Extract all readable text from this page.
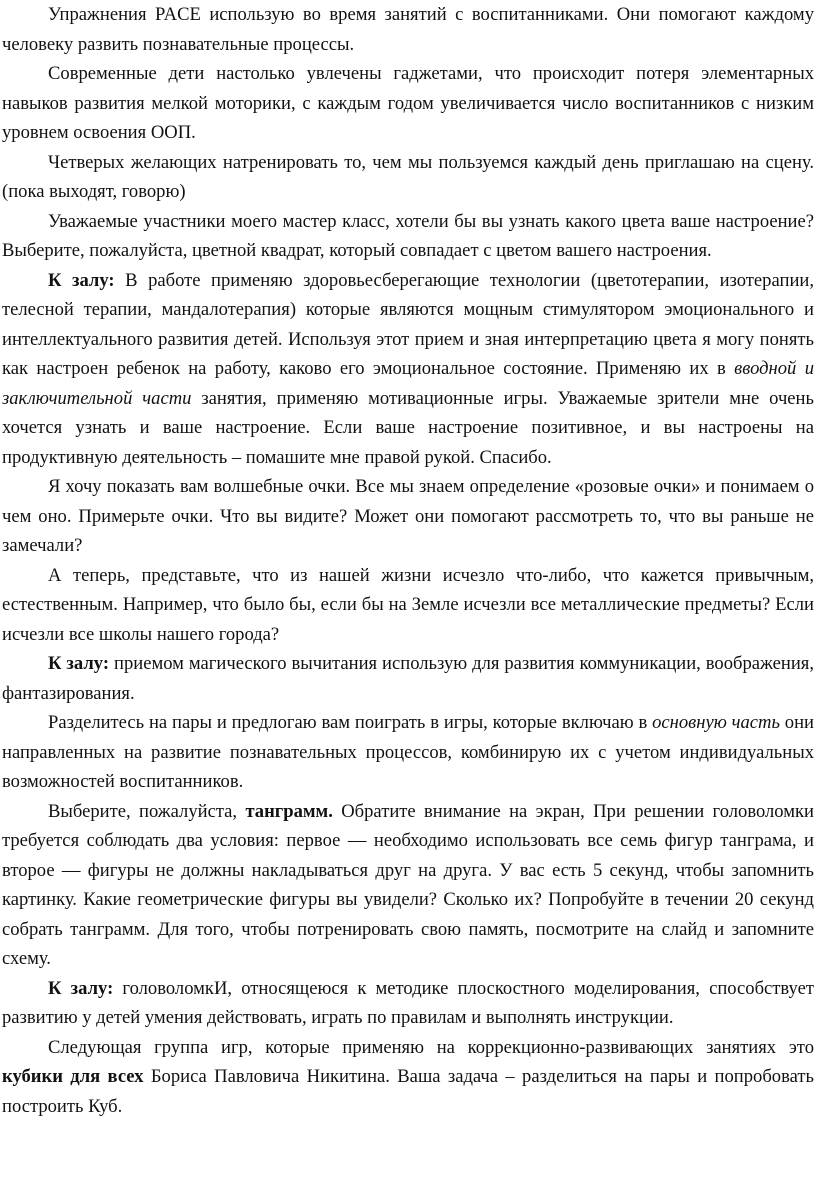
Упражнения PACE использую во время занятий с воспитанниками. Они помогают каждому человеку развить познавательные процессы.

Современные дети настолько увлечены гаджетами, что происходит потеря элементарных навыков развития мелкой моторики, с каждым годом увеличивается число воспитанников с низким уровнем освоения ООП.

Четверых желающих натренировать то, чем мы пользуемся каждый день приглашаю на сцену. (пока выходят, говорю)

Уважаемые участники моего мастер класс, хотели бы вы узнать какого цвета ваше настроение? Выберите, пожалуйста, цветной квадрат, который совпадает с цветом вашего настроения.

К залу: В работе применяю здоровьесберегающие технологии (цветотерапии, изотерапии, телесной терапии, мандалотерапия) которые являются мощным стимулятором эмоционального и интеллектуального развития детей. Используя этот прием и зная интерпретацию цвета я могу понять как настроен ребенок на работу, каково его эмоциональное состояние. Применяю их в вводной и заключительной части занятия, применяю мотивационные игры. Уважаемые зрители мне очень хочется узнать и ваше настроение. Если ваше настроение позитивное, и вы настроены на продуктивную деятельность – помашите мне правой рукой. Спасибо.

Я хочу показать вам волшебные очки. Все мы знаем определение «розовые очки» и понимаем о чем оно. Примерьте очки. Что вы видите? Может они помогают рассмотреть то, что вы раньше не замечали?

А теперь, представьте, что из нашей жизни исчезло что-либо, что кажется привычным, естественным. Например, что было бы, если бы на Земле исчезли все металлические предметы? Если исчезли все школы нашего города?

К залу: приемом магического вычитания использую для развития коммуникации, воображения, фантазирования.

Разделитесь на пары и предлогаю вам поиграть в игры, которые включаю в основную часть они направленных на развитие познавательных процессов, комбинирую их с учетом индивидуальных возможностей воспитанников.

Выберите, пожалуйста, танграмм. Обратите внимание на экран, При решении головоломки требуется соблюдать два условия: первое — необходимо использовать все семь фигур танграма, и второе — фигуры не должны накладываться друг на друга. У вас есть 5 секунд, чтобы запомнить картинку. Какие геометрические фигуры вы увидели? Сколько их? Попробуйте в течении 20 секунд собрать танграмм. Для того, чтобы потренировать свою память, посмотрите на слайд и запомните схему.

К залу: головоломкИ, относящеюся к методике плоскостного моделирования, способствует развитию у детей умения действовать, играть по правилам и выполнять инструкции.

Следующая группа игр, которые применяю на коррекционно-развивающих занятиях это кубики для всех Бориса Павловича Никитина. Ваша задача – разделиться на пары и попробовать построить Куб.
